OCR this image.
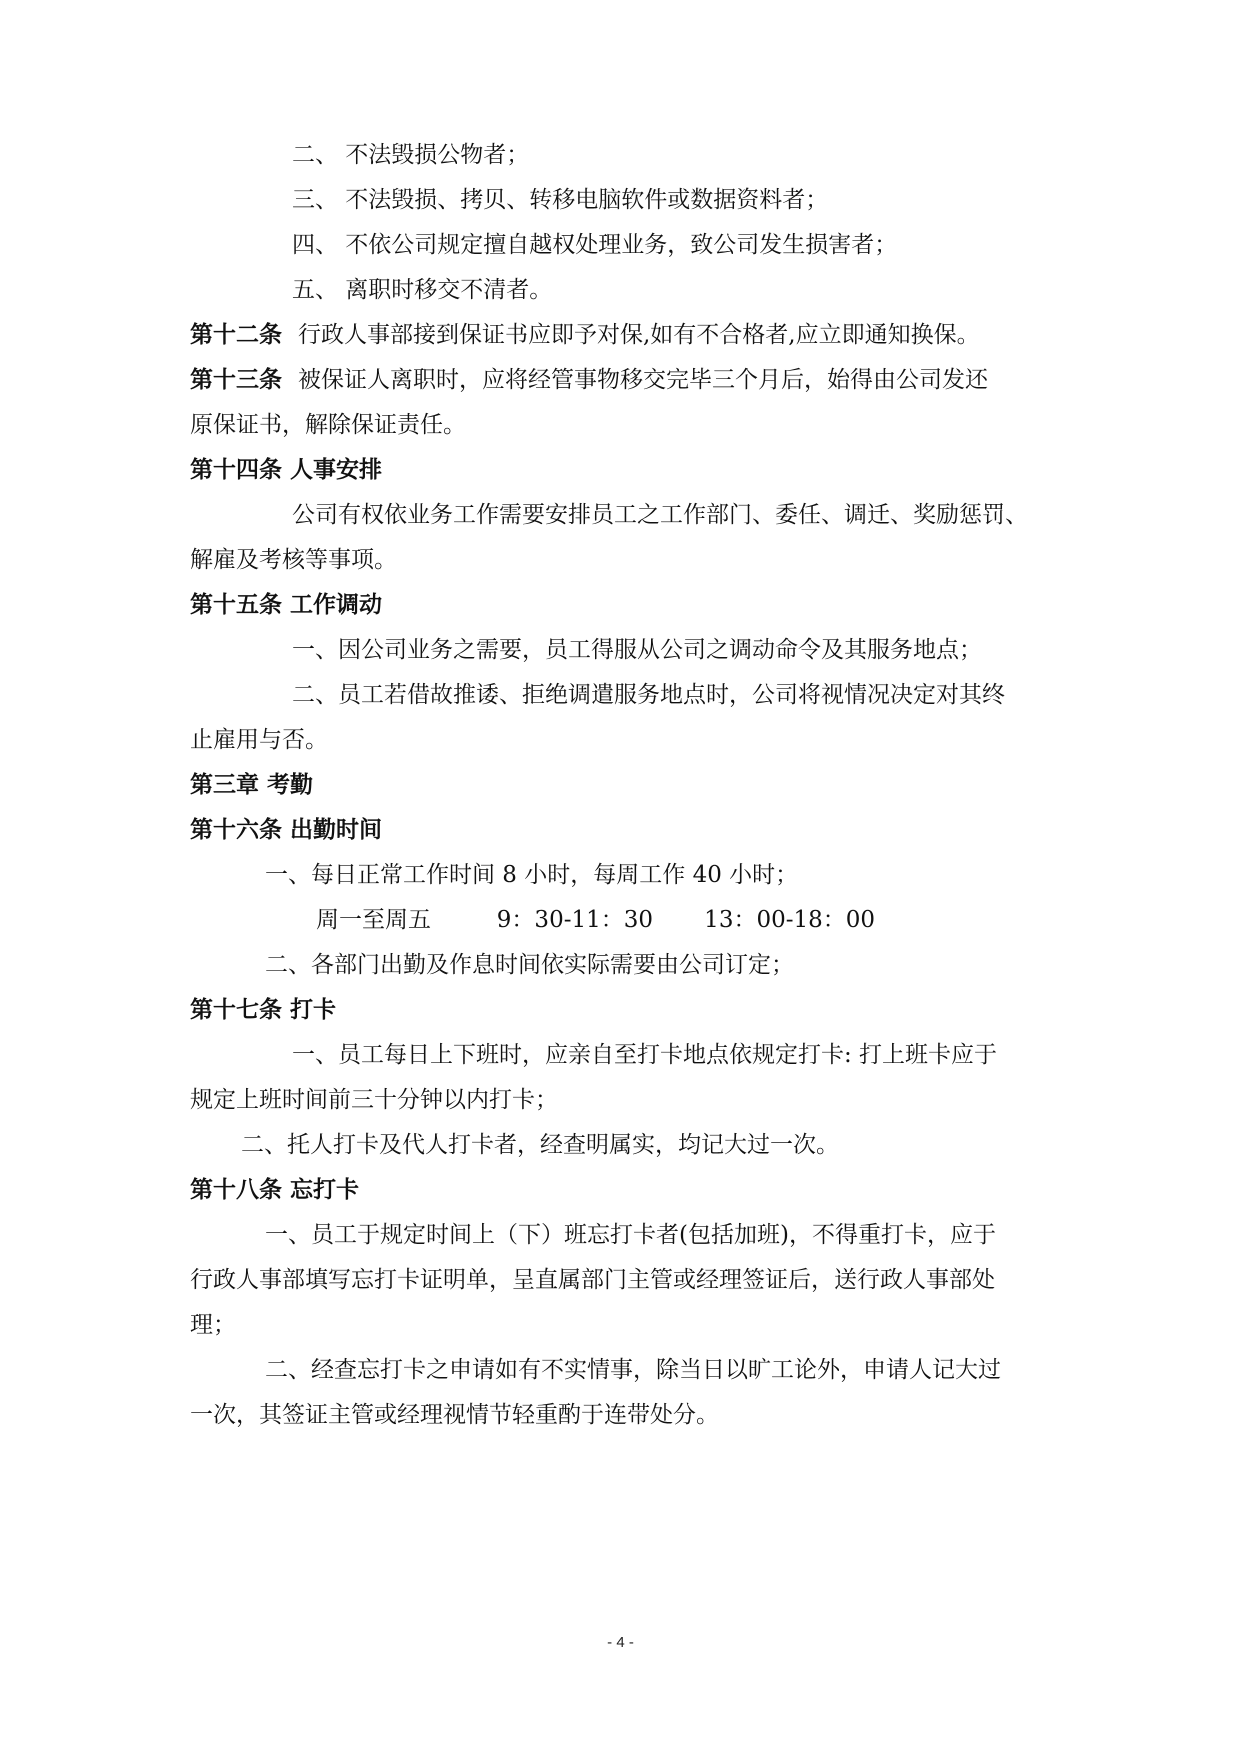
二、 不法毁损公物者；
三、 不法毁损、拷贝、转移电脑软件或数据资料者；
四、 不依公司规定擅自越权处理业务，致公司发生损害者；
五、 离职时移交不清者。
第十二条 行政人事部接到保证书应即予对保,如有不合格者,应立即通知换保。
第十三条 被保证人离职时，应将经管事物移交完毕三个月后，始得由公司发还
原保证书，解除保证责任。
第十四条 人事安排
公司有权依业务工作需要安排员工之工作部门、委任、调迁、奖励惩罚、
解雇及考核等事项。
第十五条 工作调动
一、因公司业务之需要，员工得服从公司之调动命令及其服务地点；
二、员工若借故推诿、拒绝调遣服务地点时，公司将视情况决定对其终
止雇用与否。
第三章 考勤
第十六条 出勤时间
一、每日正常工作时间 8 小时，每周工作 40 小时；
周一至周五         9：30-11：30       13：00-18：00
二、各部门出勤及作息时间依实际需要由公司订定；
第十七条 打卡
一、员工每日上下班时，应亲自至打卡地点依规定打卡: 打上班卡应于
规定上班时间前三十分钟以内打卡；
二、托人打卡及代人打卡者，经查明属实，均记大过一次。
第十八条 忘打卡
一、员工于规定时间上（下）班忘打卡者(包括加班)，不得重打卡，应于
行政人事部填写忘打卡证明单，呈直属部门主管或经理签证后，送行政人事部处
理；
二、经查忘打卡之申请如有不实情事，除当日以旷工论外，申请人记大过
一次，其签证主管或经理视情节轻重酌于连带处分。
- 4 -
